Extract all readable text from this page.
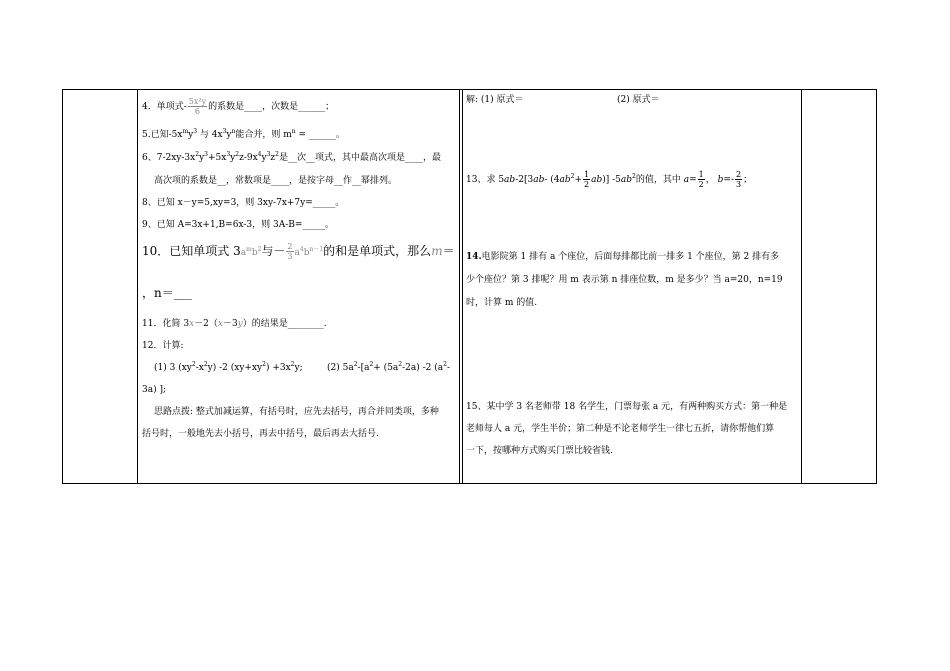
4．单项式- $\frac{\text{5x²y}}{6}$ 的系数是____，次数是______；
5.已知$-5x^my^3$ 与 $4x^3y^n$能合并，则 $m^n$ = ______。
6、$7-2xy-3x^2y^3+5x^3y^2z-9x^4y^3z^2$是__次__项式，其中最高次项是____，最
高次项的系数是__，常数项是____，是按字母__作__幂排列。
8、已知 x－y=5,xy=3，则 3xy-7x+7y=_____。
9、已知 A=3x+1,B=6x-3，则 3A-B=_____。
10．已知单项式 $3a^mb^2$与－ $\frac{2}{3} a^4b^{n-1}$的和是单项式，那么m＝
，n＝___
11．化简 3x－2（x－3y）的结果是________.
12．计算:
(1) 3 $(xy^2-x^2y)$ -2 $(xy+xy^2) +3x^2y$;	(2) $5a^2-[a^2+ (5a^2-2a)$ -2 ($a^2-$
3a) ];
思路点拨: 整式加减运算，有括号时，应先去括号，再合并同类项，多种
括号时，一般地先去小括号，再去中括号，最后再去大括号.
解: (1) 原式＝	(2) 原式＝
13、求 5ab-2[3ab- $(4ab^2+ \frac{1}{2} ab)$] $-5ab^2$的值，其中 $a= \frac{1}{2}$ ， $b=- \frac{2}{3}$ ；
14.电影院第 1 排有 a 个座位，后面每排都比前一排多 1 个座位，第 2 排有多
少个座位？第 3 排呢？用 m 表示第 n 排座位数，m 是多少？当 a=20，n=19
时，计算 m 的值.
15、某中学 3 名老师带 18 名学生，门票每张 a 元，有两种购买方式：第一种是
老师每人 a 元，学生半价；第二种是不论老师学生一律七五折，请你帮他们算
一下，按哪种方式购买门票比较省钱.
